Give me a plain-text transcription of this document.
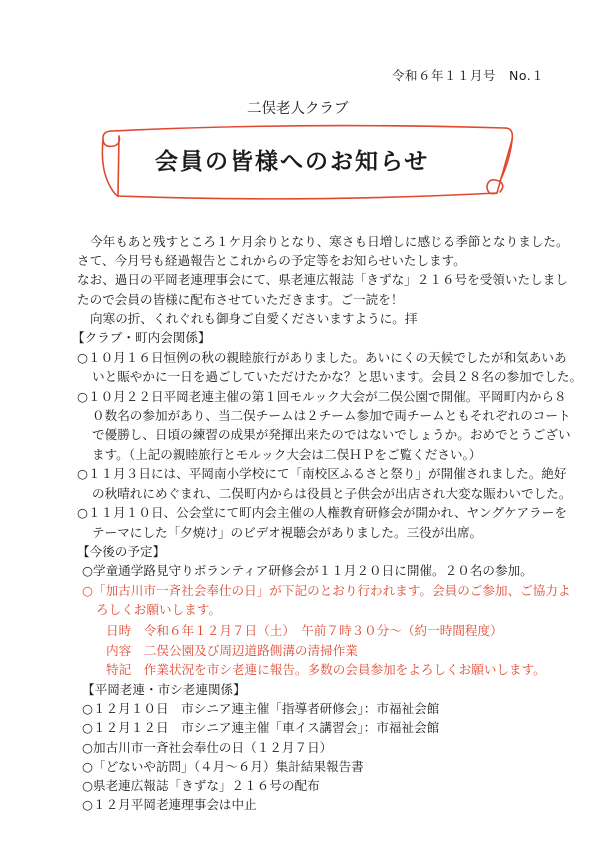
令和６年１１月号　No.１
二俣老人クラブ
会員の皆様へのお知らせ
今年もあと残すところ１ケ月余りとなり、寒さも日増しに感じる季節となりました。
さて、今月号も経過報告とこれからの予定等をお知らせいたします。
なお、過日の平岡老連理事会にて、県老連広報誌「きずな」２１６号を受領いたしまし
たので会員の皆様に配布させていただきます。ご一読を！
向寒の折、くれぐれも御身ご自愛くださいますように。拝
【クラブ・町内会関係】
○１０月１６日恒例の秋の親睦旅行がありました。あいにくの天候でしたが和気あいあ
いと賑やかに一日を過ごしていただけたかな？と思います。会員２８名の参加でした。
○１０月２２日平岡老連主催の第１回モルック大会が二俣公園で開催。平岡町内から８
０数名の参加があり、当二俣チームは２チーム参加で両チームともそれぞれのコート
で優勝し、日頃の練習の成果が発揮出来たのではないでしょうか。おめでとうござい
ます。（上記の親睦旅行とモルック大会は二俣ＨＰをご覧ください。）
○１１月３日には、平岡南小学校にて「南校区ふるさと祭り」が開催されました。絶好
の秋晴れにめぐまれ、二俣町内からは役員と子供会が出店され大変な賑わいでした。
○１１月１０日、公会堂にて町内会主催の人権教育研修会が開かれ、ヤングケアラーを
テーマにした「夕焼け」のビデオ視聴会がありました。三役が出席。
【今後の予定】
○学童通学路見守りボランティア研修会が１１月２０日に開催。２０名の参加。
○「加古川市一斉社会奉仕の日」が下記のとおり行われます。会員のご参加、ご協力よ
ろしくお願いします。
日時　令和６年１２月７日（土）　午前７時３０分～（約一時間程度）
内容　二俣公園及び周辺道路側溝の清掃作業
特記　作業状況を市シ老連に報告。多数の会員参加をよろしくお願いします。
【平岡老連・市シ老連関係】
○１２月１０日　市シニア連主催「指導者研修会」：市福祉会館
○１２月１２日　市シニア連主催「車イス講習会」：市福祉会館
○加古川市一斉社会奉仕の日（１２月７日）
○「どないや訪問」（４月～６月）集計結果報告書
○県老連広報誌「きずな」２１６号の配布
○１２月平岡老連理事会は中止
